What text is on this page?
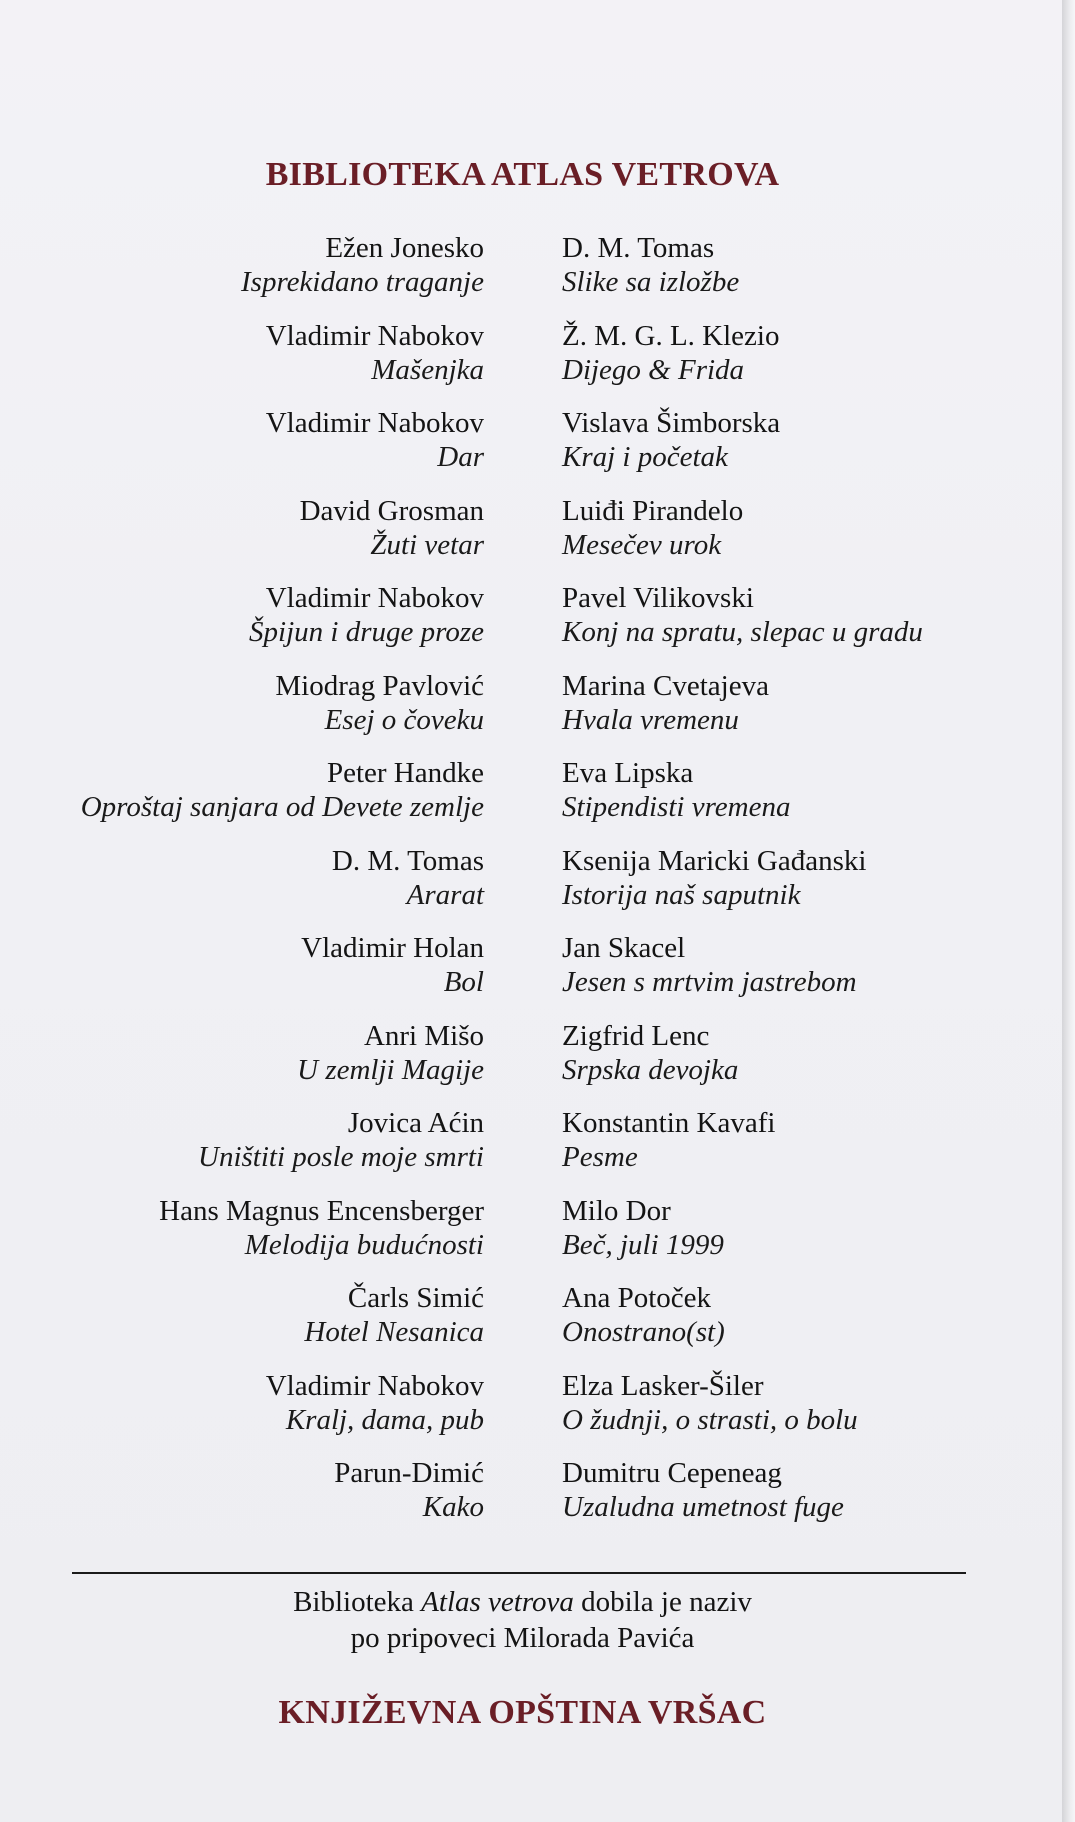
BIBLIOTEKA ATLAS VETROVA
Ežen Jonesko
Isprekidano traganje
D. M. Tomas
Slike sa izložbe
Vladimir Nabokov
Mašenjka
Ž. M. G. L. Klezio
Dijego & Frida
Vladimir Nabokov
Dar
Vislava Šimborska
Kraj i početak
David Grosman
Žuti vetar
Luiđi Pirandelo
Mesečev urok
Vladimir Nabokov
Špijun i druge proze
Pavel Vilikovski
Konj na spratu, slepac u gradu
Miodrag Pavlović
Esej o čoveku
Marina Cvetajeva
Hvala vremenu
Peter Handke
Oproštaj sanjara od Devete zemlje
Eva Lipska
Stipendisti vremena
D. M. Tomas
Ararat
Ksenija Maricki Gađanski
Istorija naš saputnik
Vladimir Holan
Bol
Jan Skacel
Jesen s mrtvim jastrebom
Anri Mišo
U zemlji Magije
Zigfrid Lenc
Srpska devojka
Jovica Aćin
Uništiti posle moje smrti
Konstantin Kavafi
Pesme
Hans Magnus Encensberger
Melodija budućnosti
Milo Dor
Beč, juli 1999
Čarls Simić
Hotel Nesanica
Ana Potoček
Onostrano(st)
Vladimir Nabokov
Kralj, dama, pub
Elza Lasker-Šiler
O žudnji, o strasti, o bolu
Parun-Dimić
Kako
Dumitru Cepeneag
Uzaludna umetnost fuge
Biblioteka Atlas vetrova dobila je naziv
po pripoveci Milorada Pavića
KNJIŽEVNA OPŠTINA VRŠAC
